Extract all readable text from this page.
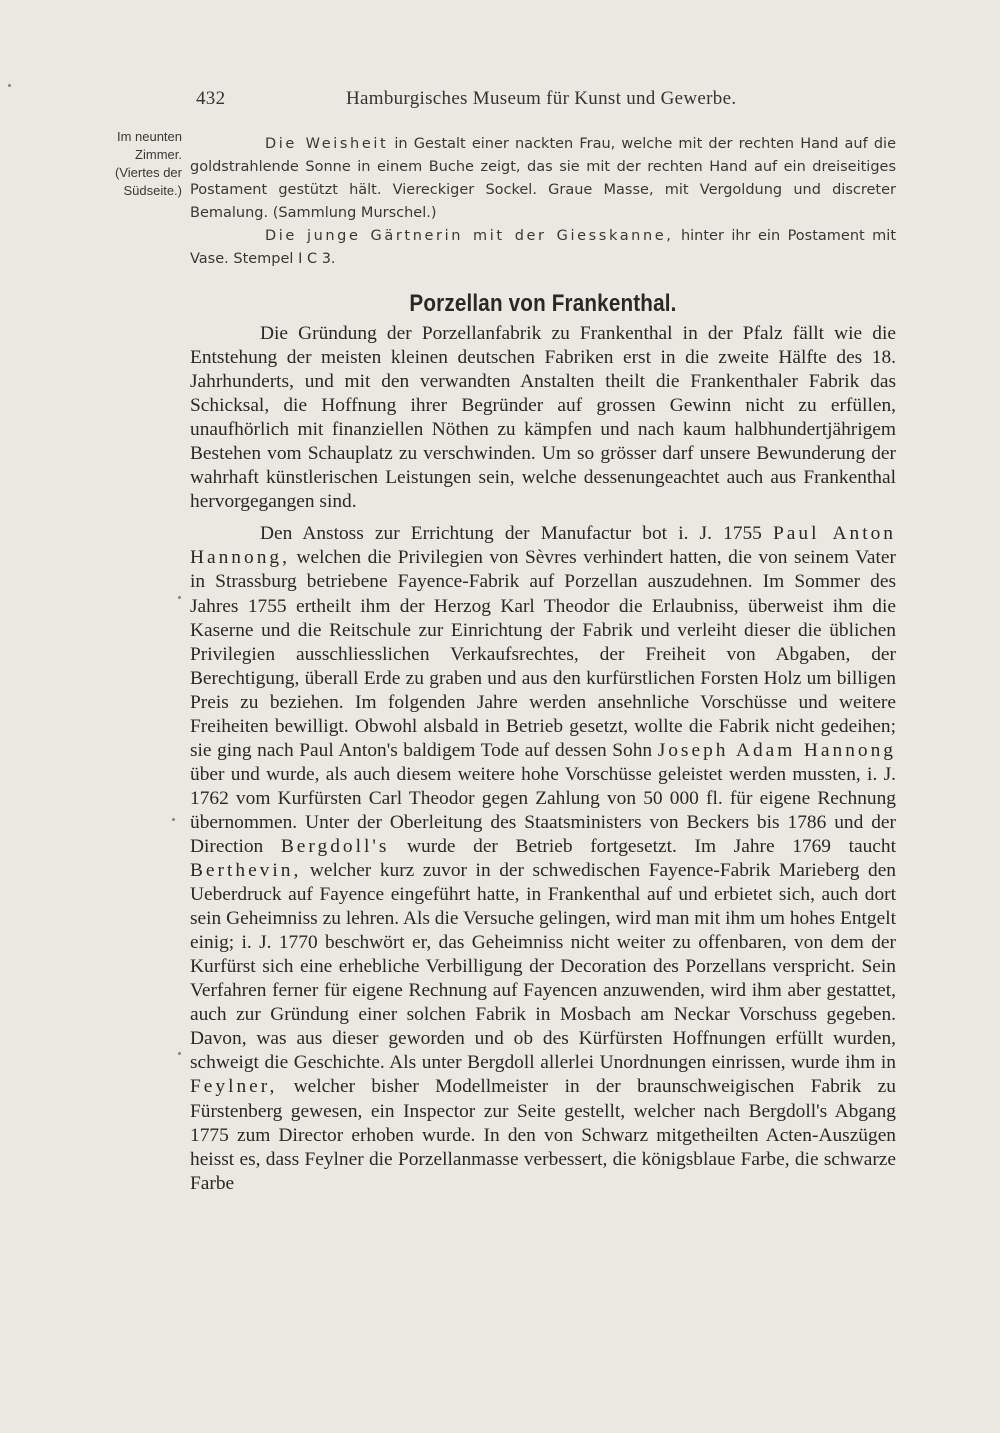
432	Hamburgisches Museum für Kunst und Gewerbe.
Im neunten
Zimmer.
(Viertes der
Südseite.)

Die Weisheit in Gestalt einer nackten Frau, welche mit der rechten Hand auf die goldstrahlende Sonne in einem Buche zeigt, das sie mit der rechten Hand auf ein dreiseitiges Postament gestützt hält. Viereckiger Sockel. Graue Masse, mit Vergoldung und discreter Bemalung. (Sammlung Murschel.)

Die junge Gärtnerin mit der Giesskanne, hinter ihr ein Postament mit Vase. Stempel I C 3.

Porzellan von Frankenthal.

Die Gründung der Porzellanfabrik zu Frankenthal in der Pfalz fällt wie die Entstehung der meisten kleinen deutschen Fabriken erst in die zweite Hälfte des 18. Jahrhunderts, und mit den verwandten Anstalten theilt die Frankenthaler Fabrik das Schicksal, die Hoffnung ihrer Begründer auf grossen Gewinn nicht zu erfüllen, unaufhörlich mit finanziellen Nöthen zu kämpfen und nach kaum halbhundertjährigem Bestehen vom Schauplatz zu verschwinden. Um so grösser darf unsere Bewunderung der wahrhaft künstlerischen Leistungen sein, welche dessenungeachtet auch aus Frankenthal hervorgegangen sind.

Den Anstoss zur Errichtung der Manufactur bot i. J. 1755 Paul Anton Hannong, welchen die Privilegien von Sèvres verhindert hatten, die von seinem Vater in Strassburg betriebene Fayence-Fabrik auf Porzellan auszudehnen. Im Sommer des Jahres 1755 ertheilt ihm der Herzog Karl Theodor die Erlaubniss, überweist ihm die Kaserne und die Reitschule zur Einrichtung der Fabrik und verleiht dieser die üblichen Privilegien ausschliesslichen Verkaufsrechtes, der Freiheit von Abgaben, der Berechtigung, überall Erde zu graben und aus den kurfürstlichen Forsten Holz um billigen Preis zu beziehen. Im folgenden Jahre werden ansehnliche Vorschüsse und weitere Freiheiten bewilligt. Obwohl alsbald in Betrieb gesetzt, wollte die Fabrik nicht gedeihen; sie ging nach Paul Anton's baldigem Tode auf dessen Sohn Joseph Adam Hannong über und wurde, als auch diesem weitere hohe Vorschüsse geleistet werden mussten, i. J. 1762 vom Kurfürsten Carl Theodor gegen Zahlung von 50 000 fl. für eigene Rechnung übernommen. Unter der Oberleitung des Staatsministers von Beckers bis 1786 und der Direction Bergdoll's wurde der Betrieb fortgesetzt. Im Jahre 1769 taucht Berthevin, welcher kurz zuvor in der schwedischen Fayence-Fabrik Marieberg den Ueberdruck auf Fayence eingeführt hatte, in Frankenthal auf und erbietet sich, auch dort sein Geheimniss zu lehren. Als die Versuche gelingen, wird man mit ihm um hohes Entgelt einig; i. J. 1770 beschwört er, das Geheimniss nicht weiter zu offenbaren, von dem der Kurfürst sich eine erhebliche Verbilligung der Decoration des Porzellans verspricht. Sein Verfahren ferner für eigene Rechnung auf Fayencen anzuwenden, wird ihm aber gestattet, auch zur Gründung einer solchen Fabrik in Mosbach am Neckar Vorschuss gegeben. Davon, was aus dieser geworden und ob des Kürfürsten Hoffnungen erfüllt wurden, schweigt die Geschichte. Als unter Bergdoll allerlei Unordnungen einrissen, wurde ihm in Feylner, welcher bisher Modellmeister in der braunschweigischen Fabrik zu Fürstenberg gewesen, ein Inspector zur Seite gestellt, welcher nach Bergdoll's Abgang 1775 zum Director erhoben wurde. In den von Schwarz mitgetheilten Acten-Auszügen heisst es, dass Feylner die Porzellanmasse verbessert, die königsblaue Farbe, die schwarze Farbe
